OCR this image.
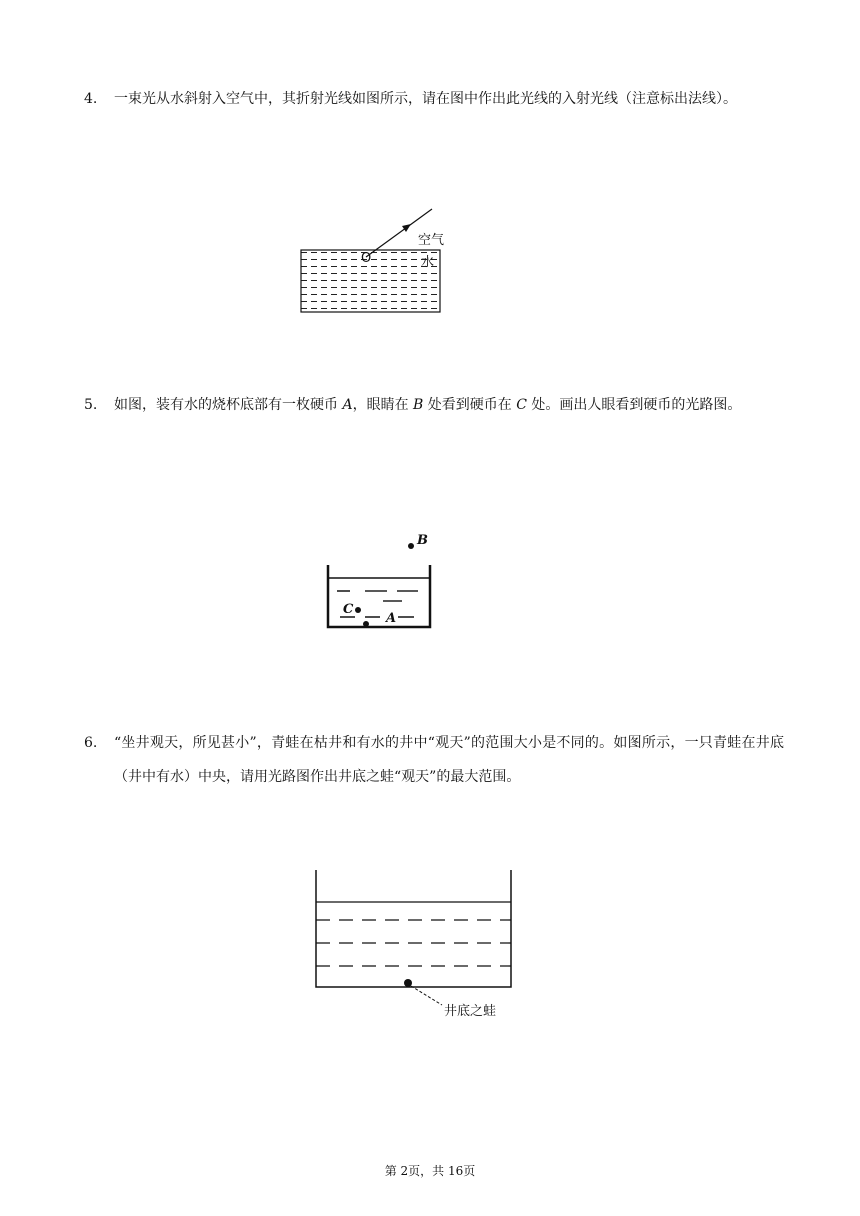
4.	一束光从水斜射入空气中，其折射光线如图所示，请在图中作出此光线的入射光线（注意标出法线）。
O
空气
水
5.	如图，装有水的烧杯底部有一枚硬币 A，眼睛在 B 处看到硬币在 C 处。画出人眼看到硬币的光路图。
B
C
A
6.	“坐井观天，所见甚小”，青蛙在枯井和有水的井中“观天”的范围大小是不同的。如图所示，一只青蛙在井底（井中有水）中央，请用光路图作出井底之蛙“观天”的最大范围。
井底之蛙
第 2页，共 16页
